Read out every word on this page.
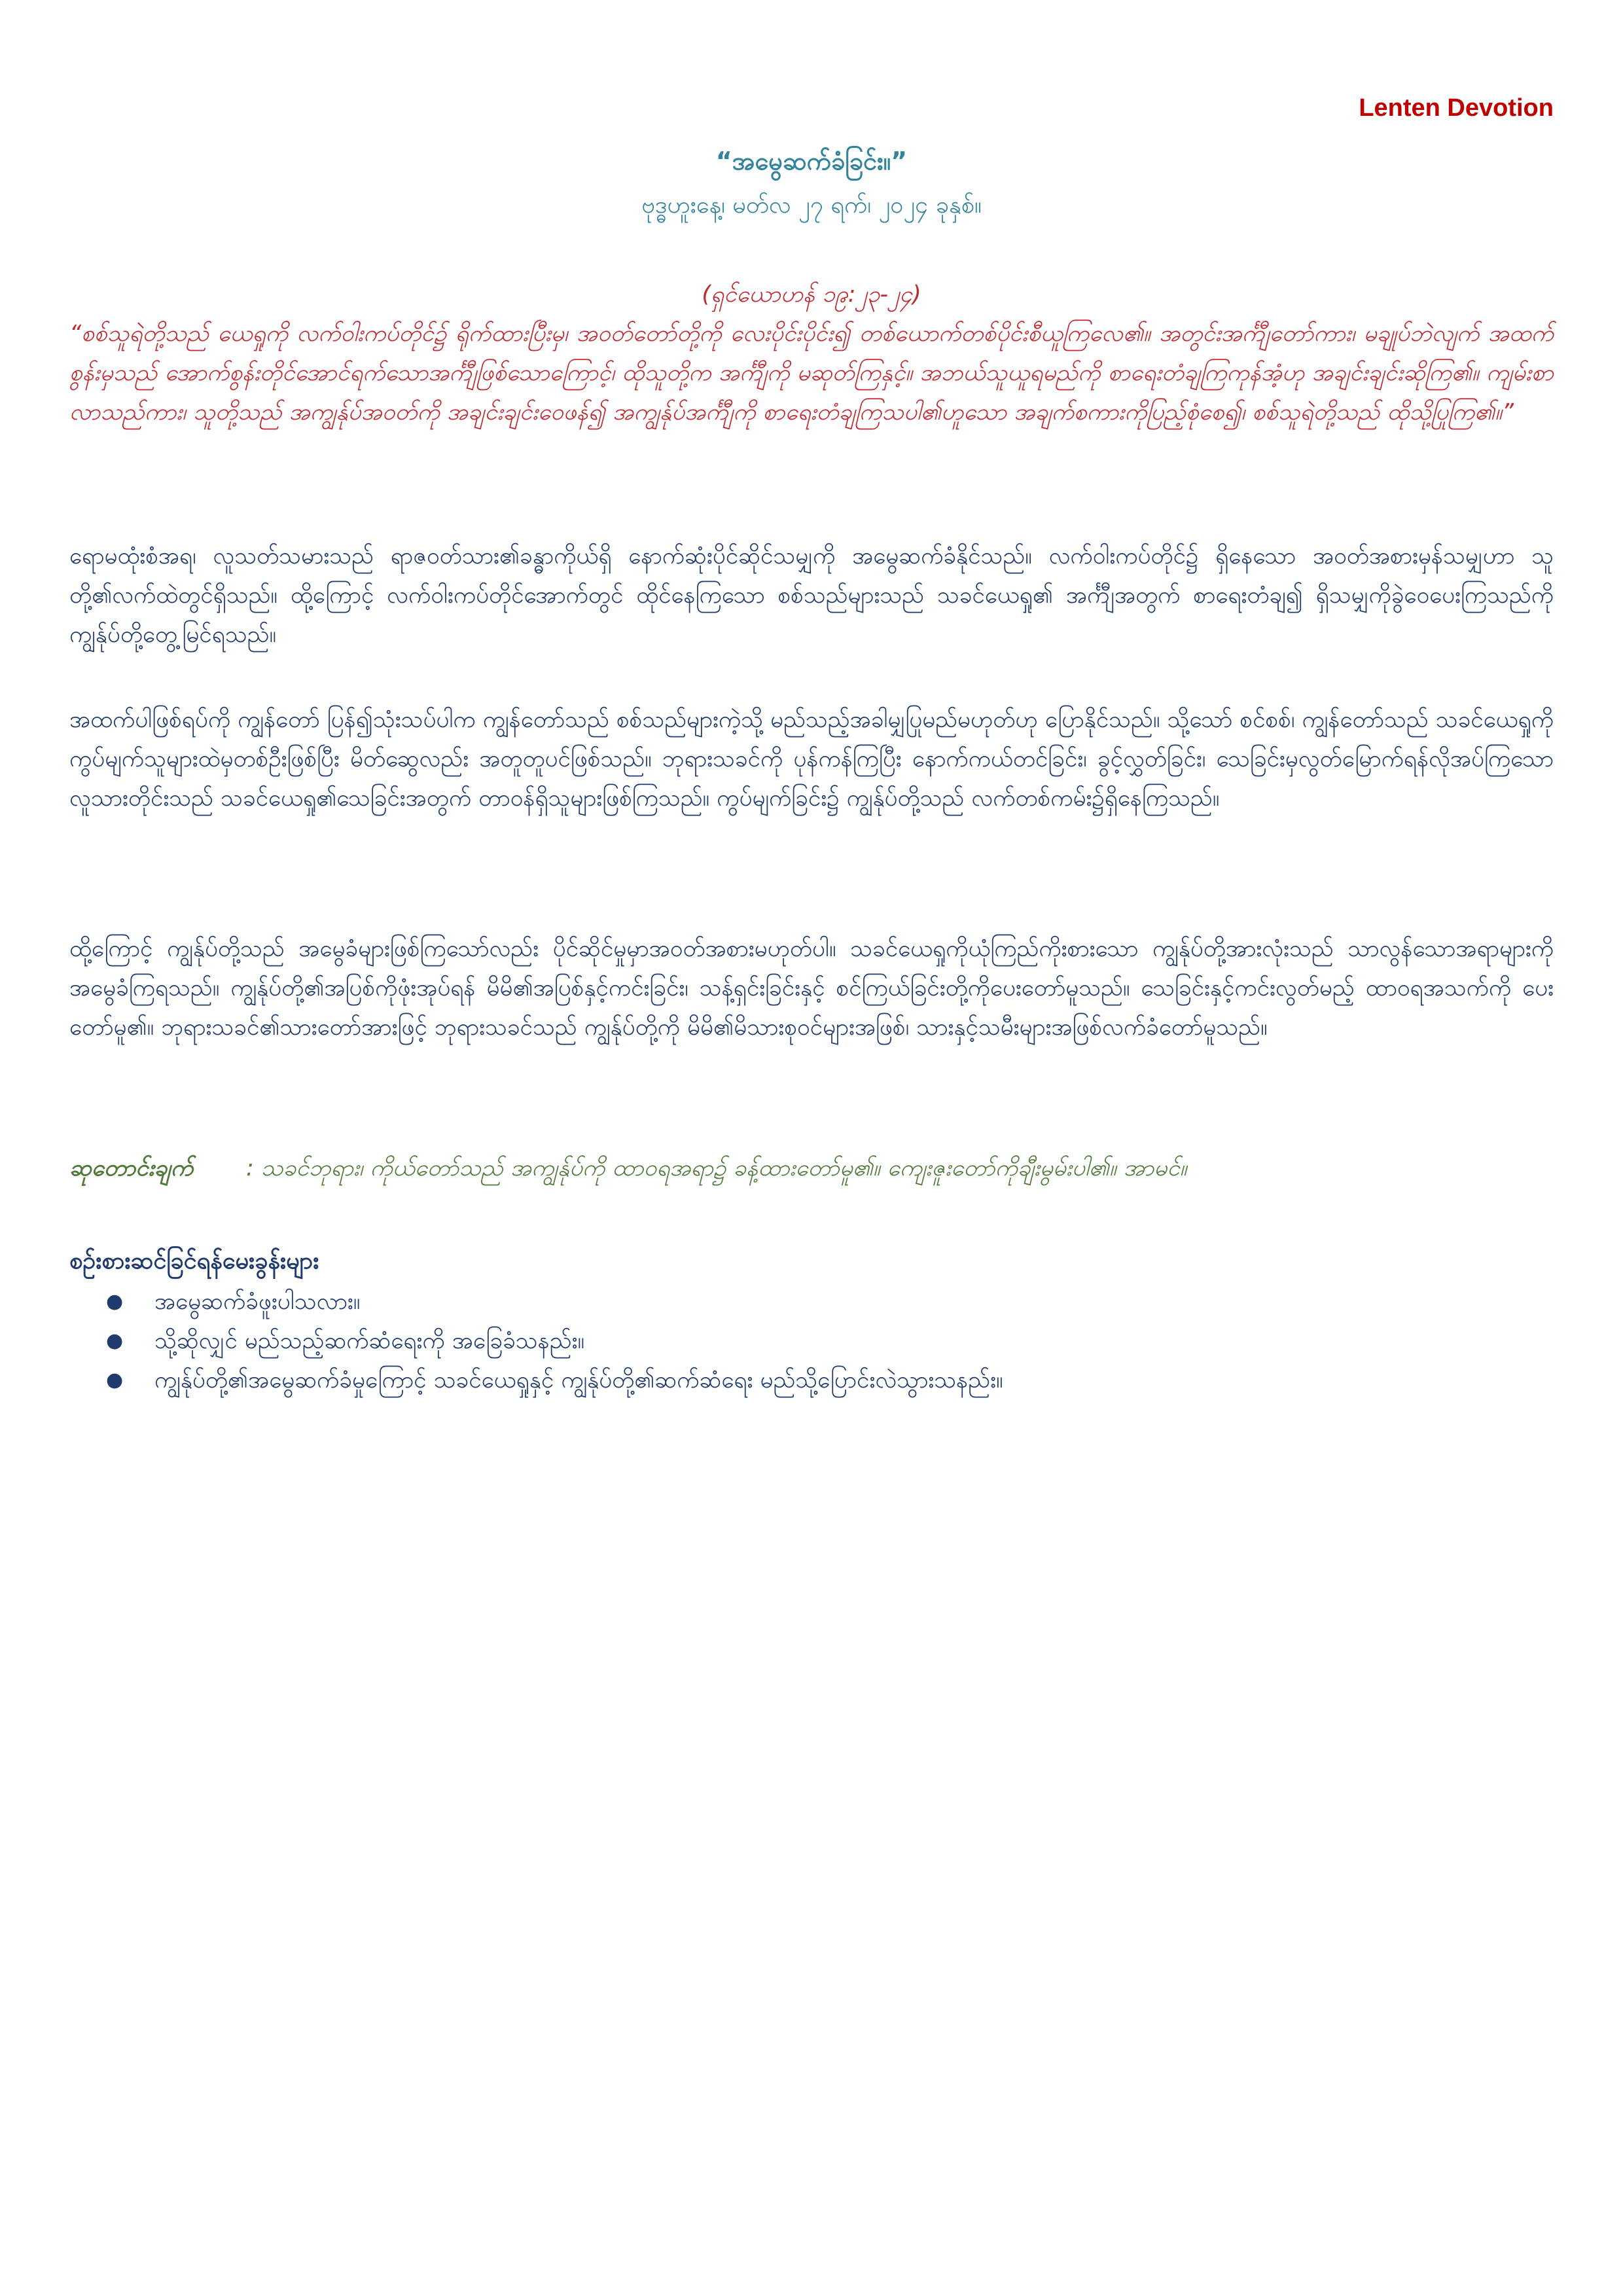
Lenten Devotion
“အမွေဆက်ခံခြင်း။”
ဗုဒ္ဓဟူးနေ့၊ မတ်လ ၂၇ ရက်၊ ၂၀၂၄ ခုနှစ်။
(ရှင်ယောဟန် ၁၉:၂၃-၂၄)
“စစ်သူရဲတို့သည် ယေရှုကို လက်ဝါးကပ်တိုင်၌ ရိုက်ထားပြီးမှ၊ အဝတ်တော်တို့ကို လေးပိုင်းပိုင်း၍ တစ်ယောက်တစ်ပိုင်းစီယူကြလေ၏။ အတွင်းအင်္ကျီတော်ကား၊ မချုပ်ဘဲလျက် အထက်စွန်းမှသည် အောက်စွန်းတိုင်အောင်ရက်သောအင်္ကျီဖြစ်သောကြောင့်၊ ထိုသူတို့က အင်္ကျီကို မဆုတ်ကြနှင့်။ အဘယ်သူယူရမည်ကို စာရေးတံချကြကုန်အံ့ဟု အချင်းချင်းဆိုကြ၏။ ကျမ်းစာလာသည်ကား၊ သူတို့သည် အကျွန်ုပ်အဝတ်ကို အချင်းချင်းဝေဖန်၍ အကျွန်ုပ်အင်္ကျီကို စာရေးတံချကြသပါ၏ဟူသော အချက်စကားကိုပြည့်စုံစေ၍၊ စစ်သူရဲတို့သည် ထိုသို့ပြုကြ၏။”
ရောမထုံးစံအရ၊ လူသတ်သမားသည် ရာဇဝတ်သား၏ခန္ဓာကိုယ်ရှိ နောက်ဆုံးပိုင်ဆိုင်သမျှကို အမွေဆက်ခံနိုင်သည်။ လက်ဝါးကပ်တိုင်၌ ရှိနေသော အဝတ်အစားမှန်သမျှဟာ သူတို့၏လက်ထဲတွင်ရှိသည်။ ထို့ကြောင့် လက်ဝါးကပ်တိုင်အောက်တွင် ထိုင်နေကြသော စစ်သည်များသည် သခင်ယေရှု၏ အင်္ကျီအတွက် စာရေးတံချ၍ ရှိသမျှကိုခွဲဝေပေးကြသည်ကို ကျွန်ုပ်တို့တွေ့မြင်ရသည်။
အထက်ပါဖြစ်ရပ်ကို ကျွန်တော် ပြန်၍သုံးသပ်ပါက ကျွန်တော်သည် စစ်သည်များကဲ့သို့ မည်သည့်အခါမျှပြုမည်မဟုတ်ဟု ပြောနိုင်သည်။ သို့သော် စင်စစ်၊ ကျွန်တော်သည် သခင်ယေရှုကို ကွပ်မျက်သူများထဲမှတစ်ဦးဖြစ်ပြီး မိတ်ဆွေလည်း အတူတူပင်ဖြစ်သည်။ ဘုရားသခင်ကို ပုန်ကန်ကြပြီး နောက်ကယ်တင်ခြင်း၊ ခွင့်လွှတ်ခြင်း၊ သေခြင်းမှလွတ်မြောက်ရန်လိုအပ်ကြသော လူသားတိုင်းသည် သခင်ယေရှု၏သေခြင်းအတွက် တာဝန်ရှိသူများဖြစ်ကြသည်။ ကွပ်မျက်ခြင်း၌ ကျွန်ုပ်တို့သည် လက်တစ်ကမ်း၌ရှိနေကြသည်။
ထို့ကြောင့် ကျွန်ုပ်တို့သည် အမွေခံများဖြစ်ကြသော်လည်း ပိုင်ဆိုင်မှုမှာအဝတ်အစားမဟုတ်ပါ။ သခင်ယေရှုကိုယုံကြည်ကိုးစားသော ကျွန်ုပ်တို့အားလုံးသည် သာလွန်သောအရာများကို အမွေခံကြရသည်။ ကျွန်ုပ်တို့၏အပြစ်ကိုဖုံးအုပ်ရန် မိမိ၏အပြစ်နှင့်ကင်းခြင်း၊ သန့်ရှင်းခြင်းနှင့် စင်ကြယ်ခြင်းတို့ကိုပေးတော်မူသည်။ သေခြင်းနှင့်ကင်းလွတ်မည့် ထာဝရအသက်ကို ပေးတော်မူ၏။ ဘုရားသခင်၏သားတော်အားဖြင့် ဘုရားသခင်သည် ကျွန်ုပ်တို့ကို မိမိ၏မိသားစုဝင်များအဖြစ်၊ သားနှင့်သမီးများအဖြစ်လက်ခံတော်မူသည်။
ဆုတောင်းချက် : သခင်ဘုရား၊ ကိုယ်တော်သည် အကျွန်ုပ်ကို ထာဝရအရာ၌ ခန့်ထားတော်မူ၏။ ကျေးဇူးတော်ကိုချီးမွမ်းပါ၏။ အာမင်။
စဉ်းစားဆင်ခြင်ရန်မေးခွန်းများ
● အမွေဆက်ခံဖူးပါသလား။
● သို့ဆိုလျှင် မည်သည့်ဆက်ဆံရေးကို အခြေခံသနည်း။
● ကျွန်ုပ်တို့၏အမွေဆက်ခံမှုကြောင့် သခင်ယေရှုနှင့် ကျွန်ုပ်တို့၏ဆက်ဆံရေး မည်သို့ပြောင်းလဲသွားသနည်း။
